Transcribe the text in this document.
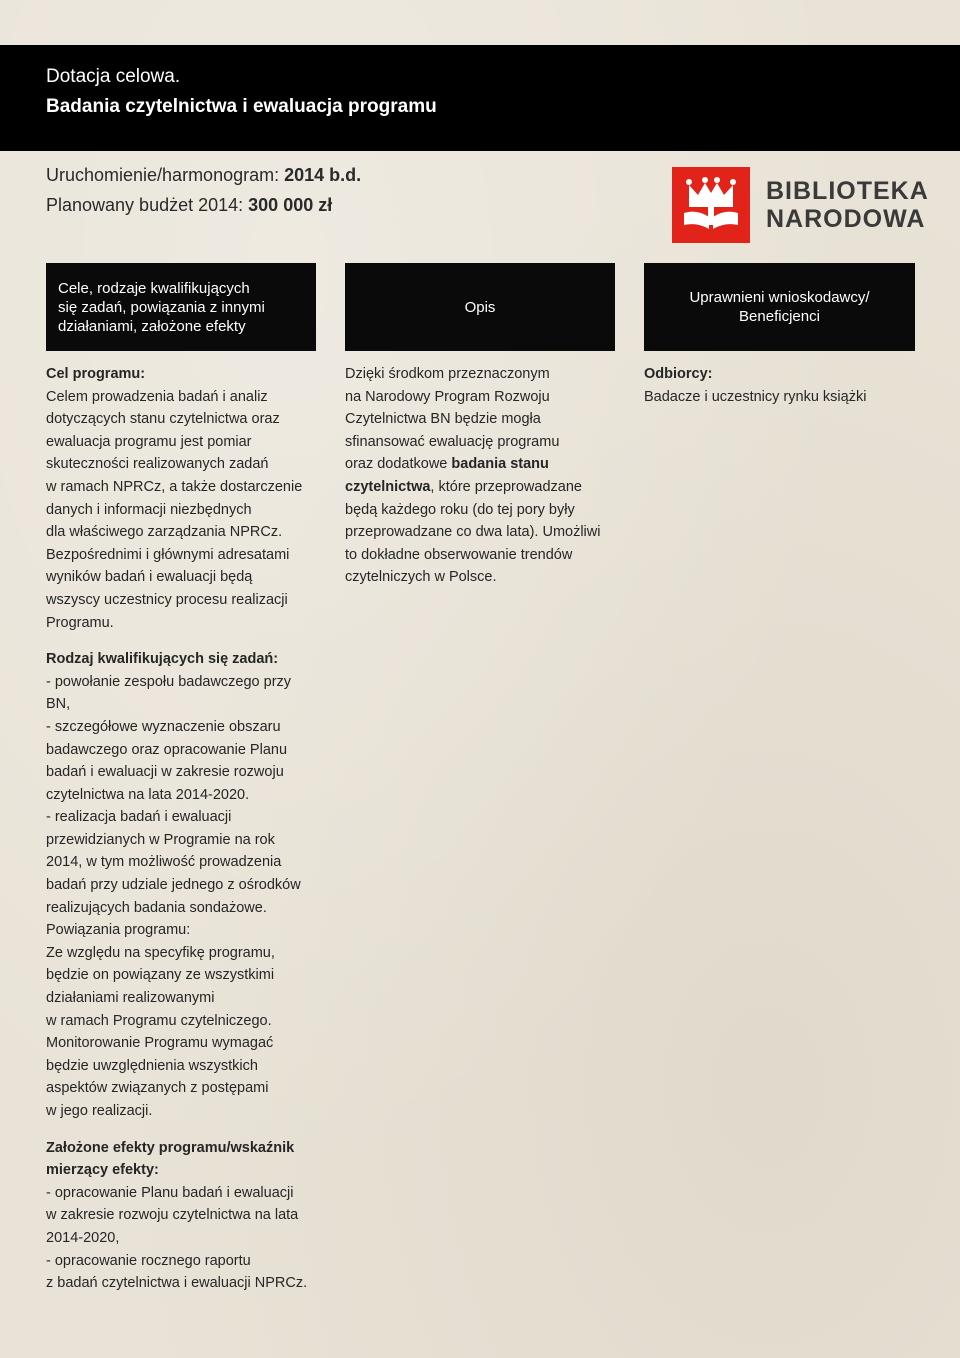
Dotacja celowa.
Badania czytelnictwa i ewaluacja programu
Uruchomienie/harmonogram: 2014 b.d.
Planowany budżet 2014: 300 000 zł	BIBLIOTEKA
NARODOWA
Cele, rodzaje kwalifikujących
się zadań, powiązania z innymi
działaniami, założone efekty
Opis
Uprawnieni wnioskodawcy/
Beneficjenci

Cel programu:

Celem prowadzenia badań i analiz
dotyczących stanu czytelnictwa oraz
ewaluacja programu jest pomiar
skuteczności realizowanych zadań
w ramach NPRCz, a także dostarczenie
danych i informacji niezbędnych
dla właściwego zarządzania NPRCz.
Bezpośrednimi i głównymi adresatami
wyników badań i ewaluacji będą
wszyscy uczestnicy procesu realizacji
Programu.

Rodzaj kwalifikujących się zadań:

- powołanie zespołu badawczego przy
BN,
- szczegółowe wyznaczenie obszaru
badawczego oraz opracowanie Planu
badań i ewaluacji w zakresie rozwoju
czytelnictwa na lata 2014-2020.
- realizacja badań i ewaluacji
przewidzianych w Programie na rok
2014, w tym możliwość prowadzenia
badań przy udziale jednego z ośrodków
realizujących badania sondażowe.
Powiązania programu:
Ze względu na specyfikę programu,
będzie on powiązany ze wszystkimi
działaniami realizowanymi
w ramach Programu czytelniczego.
Monitorowanie Programu wymagać
będzie uwzględnienia wszystkich
aspektów związanych z postępami
w jego realizacji.

Założone efekty programu/wskaźnik
mierzący efekty:

- opracowanie Planu badań i ewaluacji
w zakresie rozwoju czytelnictwa na lata
2014-2020,
- opracowanie rocznego raportu
z badań czytelnictwa i ewaluacji NPRCz.

Dzięki środkom przeznaczonym
na Narodowy Program Rozwoju
Czytelnictwa BN będzie mogła
sfinansować ewaluację programu
oraz dodatkowe badania stanu
czytelnictwa, które przeprowadzane
będą każdego roku (do tej pory były
przeprowadzane co dwa lata). Umożliwi
to dokładne obserwowanie trendów
czytelniczych w Polsce.

Odbiorcy:

Badacze i uczestnicy rynku książki
